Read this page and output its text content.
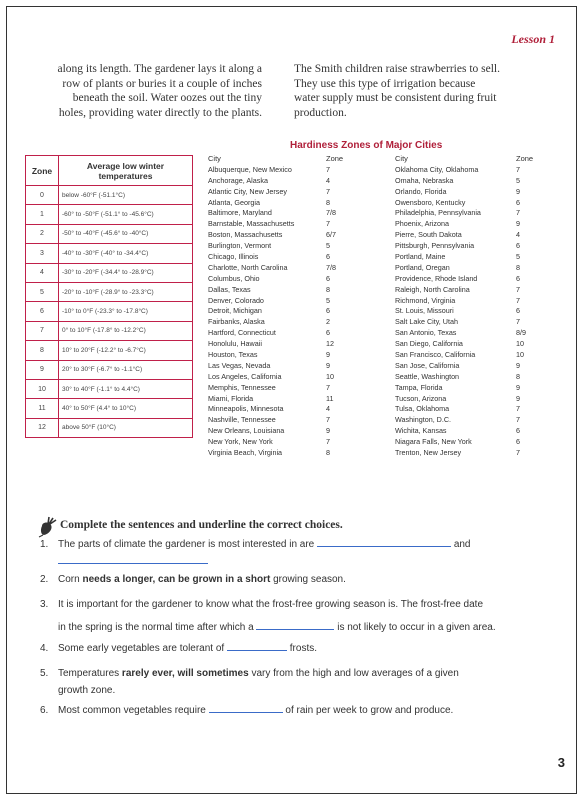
Lesson 1
along its length. The gardener lays it along a
row of plants or buries it a couple of inches
beneath the soil. Water oozes out the tiny
holes, providing water directly to the plants.
The Smith children raise strawberries to sell.
They use this type of irrigation because
water supply must be consistent during fruit
production.
Hardiness Zones of Major Cities
Zone	Average low winter
temperatures
0	below -60°F (-51.1°C)
1	-60° to -50°F (-51.1° to -45.6°C)
2	-50° to -40°F (-45.6° to -40°C)
3	-40° to -30°F (-40° to -34.4°C)
4	-30° to -20°F (-34.4° to -28.9°C)
5	-20° to -10°F (-28.9° to -23.3°C)
6	-10° to 0°F (-23.3° to -17.8°C)
7	0° to 10°F (-17.8° to -12.2°C)
8	10° to 20°F (-12.2° to -6.7°C)
9	20° to 30°F (-6.7° to -1.1°C)
10	30° to 40°F (-1.1° to 4.4°C)
11	40° to 50°F (4.4° to 10°C)
12	above 50°F (10°C)
City	Zone
Albuquerque, New Mexico	7
Anchorage, Alaska	4
Atlantic City, New Jersey	7
Atlanta, Georgia	8
Baltimore, Maryland	7/8
Barnstable, Massachusetts	7
Boston, Massachusetts	6/7
Burlington, Vermont	5
Chicago, Illinois	6
Charlotte, North Carolina	7/8
Columbus, Ohio	6
Dallas, Texas	8
Denver, Colorado	5
Detroit, Michigan	6
Fairbanks, Alaska	2
Hartford, Connecticut	6
Honolulu, Hawaii	12
Houston, Texas	9
Las Vegas, Nevada	9
Los Angeles, California	10
Memphis, Tennessee	7
Miami, Florida	11
Minneapolis, Minnesota	4
Nashville, Tennessee	7
New Orleans, Louisiana	9
New York, New York	7
Virginia Beach, Virginia	8
City	Zone
Oklahoma City, Oklahoma	7
Omaha, Nebraska	5
Orlando, Florida	9
Owensboro, Kentucky	6
Philadelphia, Pennsylvania	7
Phoenix, Arizona	9
Pierre, South Dakota	4
Pittsburgh, Pennsylvania	6
Portland, Maine	5
Portland, Oregan	8
Providence, Rhode Island	6
Raleigh, North Carolina	7
Richmond, Virginia	7
St. Louis, Missouri	6
Salt Lake City, Utah	7
San Antonio, Texas	8/9
San Diego, California	10
San Francisco, California	10
San Jose, California	9
Seattle, Washington	8
Tampa, Florida	9
Tucson, Arizona	9
Tulsa, Oklahoma	7
Washington, D.C.	7
Wichita, Kansas	6
Niagara Falls, New York	6
Trenton, New Jersey	7
Complete the sentences and underline the correct choices.
1. The parts of climate the gardener is most interested in are	and
2. Corn needs a longer, can be grown in a short growing season.
3. It is important for the gardener to know what the frost-free growing season is. The frost-free date
in the spring is the normal time after which a	is not likely to occur in a given area.
4. Some early vegetables are tolerant of	frosts.
5. Temperatures rarely ever, will sometimes vary from the high and low averages of a given
growth zone.
6. Most common vegetables require	of rain per week to grow and produce.
3
